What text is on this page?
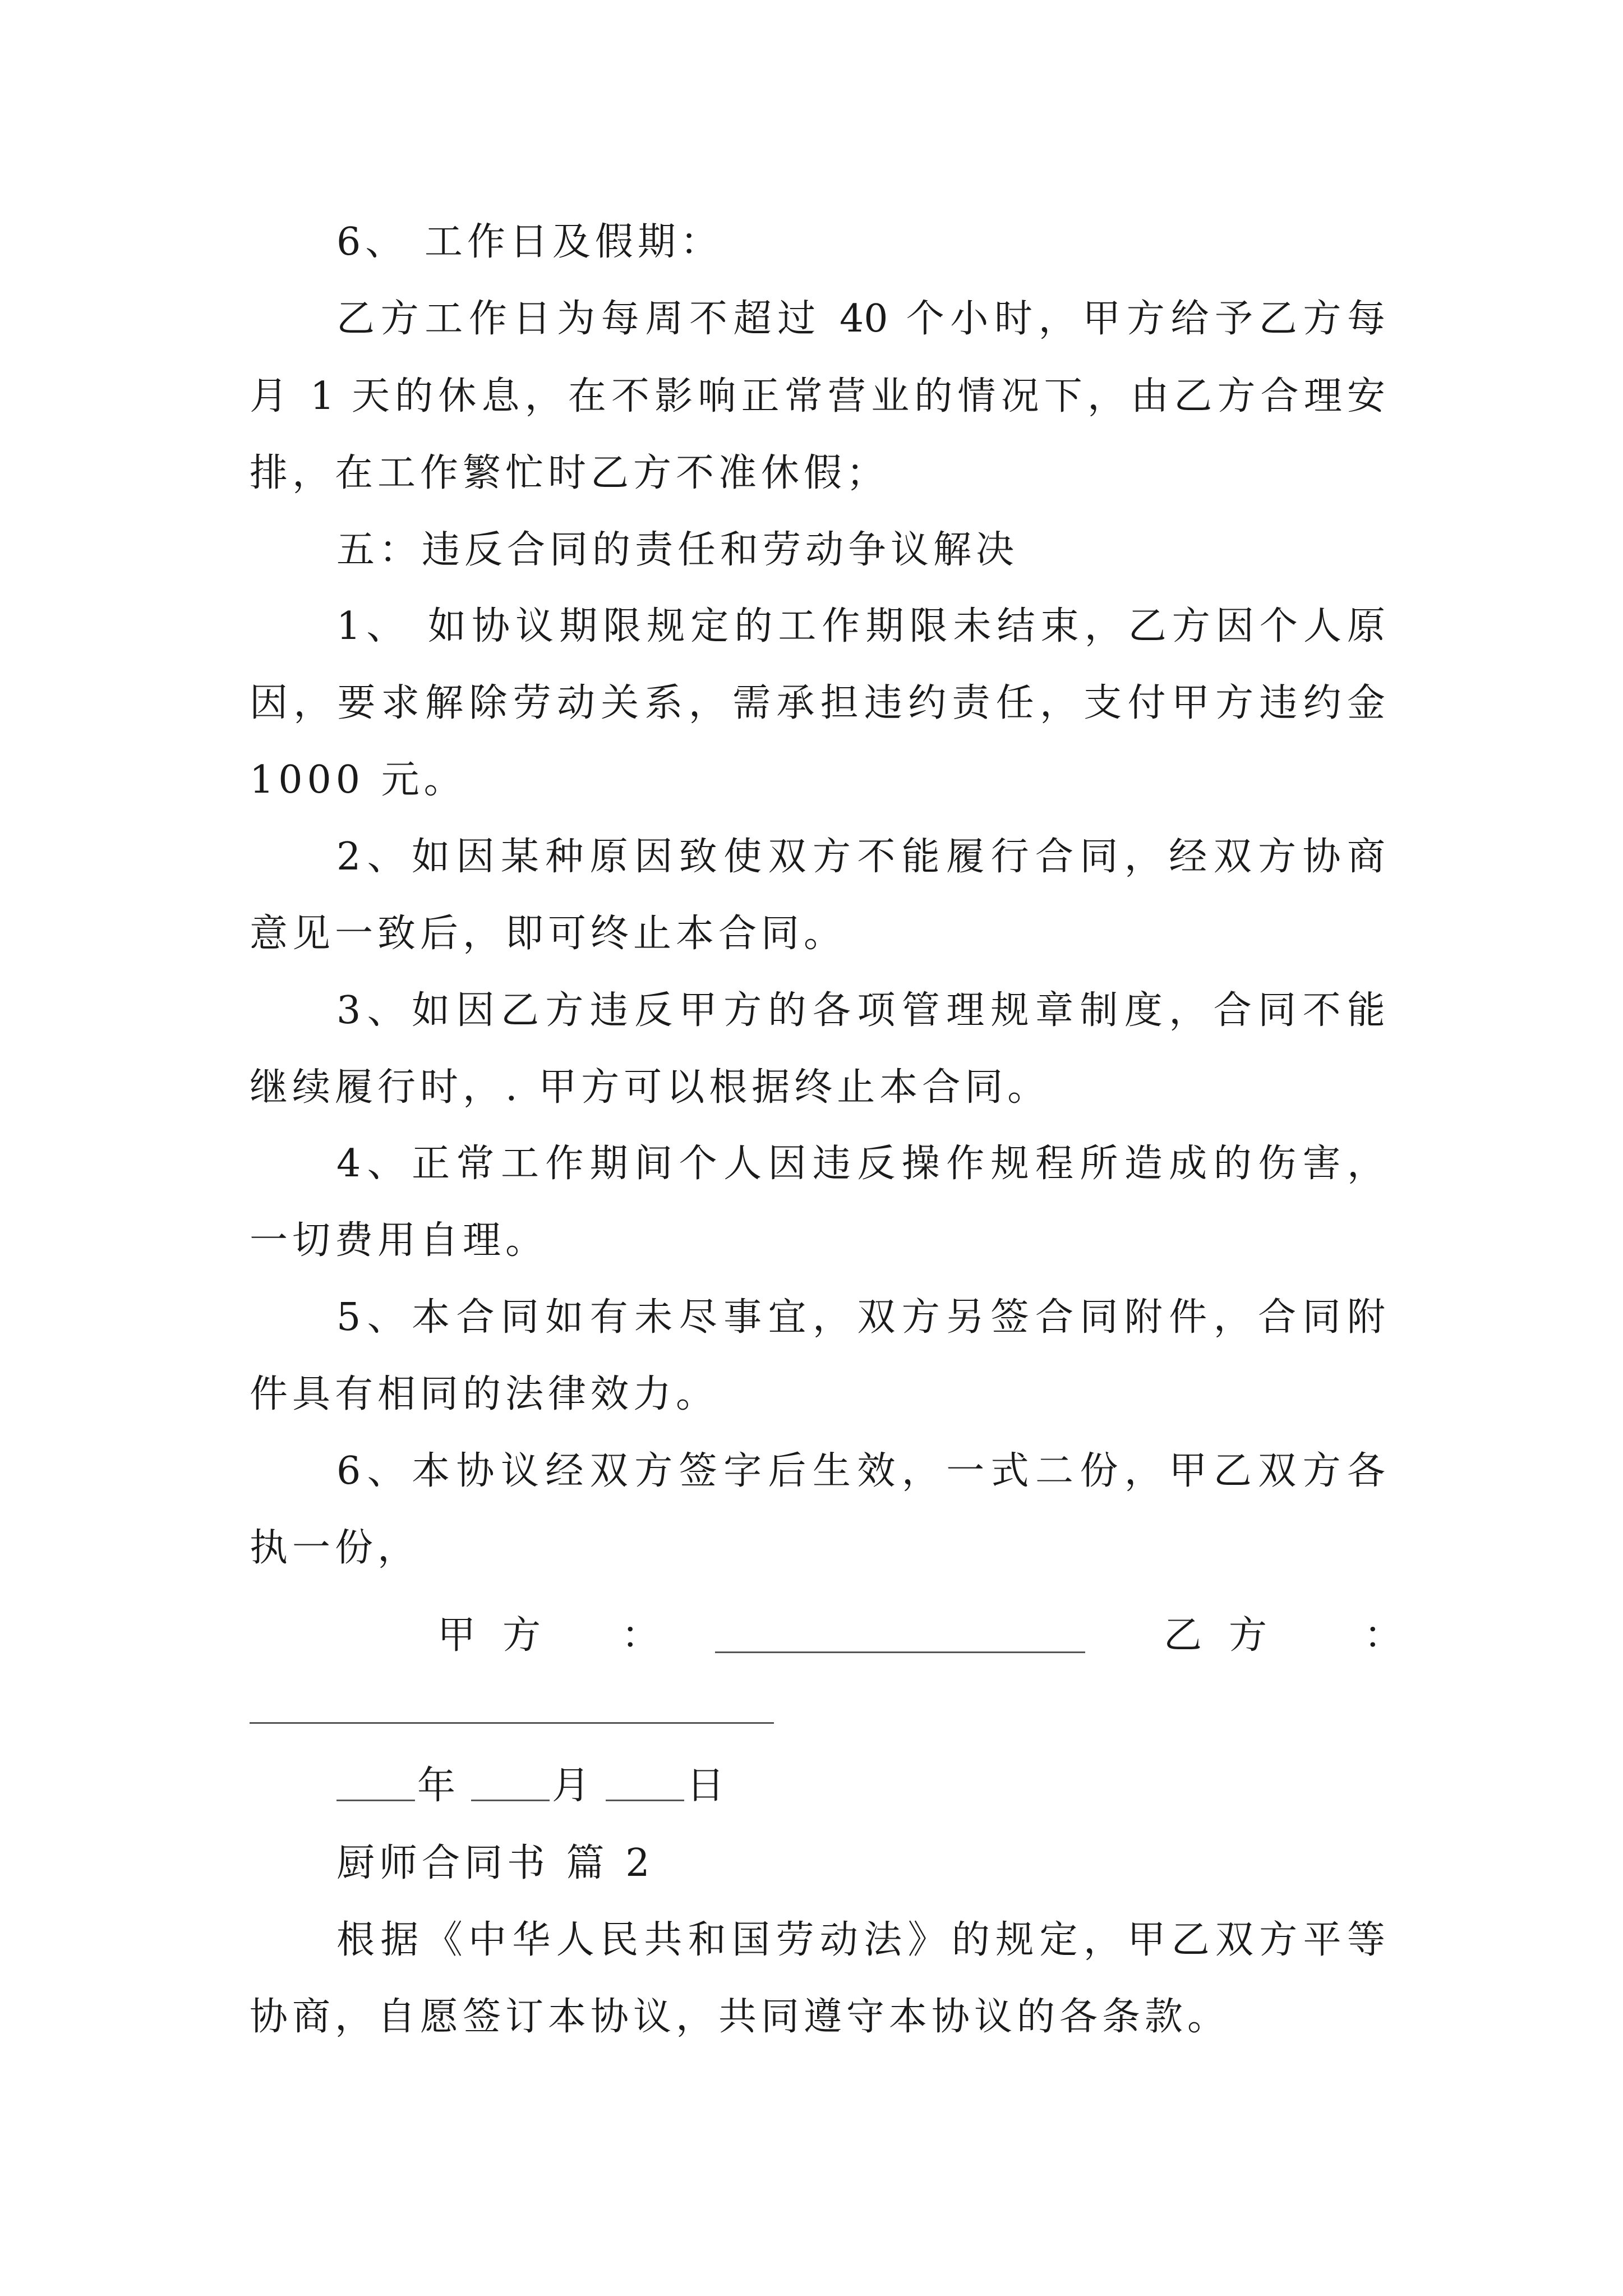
6、 工作日及假期：
乙方工作日为每周不超过 40 个小时，甲方给予乙方每
月 1 天的休息，在不影响正常营业的情况下，由乙方合理安
排，在工作繁忙时乙方不准休假；
五：违反合同的责任和劳动争议解决
1、 如协议期限规定的工作期限未结束，乙方因个人原
因，要求解除劳动关系，需承担违约责任，支付甲方违约金
1000 元。
2、如因某种原因致使双方不能履行合同，经双方协商
意见一致后，即可终止本合同。
3、如因乙方违反甲方的各项管理规章制度，合同不能
继续履行时，. 甲方可以根据终止本合同。
4、正常工作期间个人因违反操作规程所造成的伤害，
一切费用自理。
5、本合同如有未尽事宜，双方另签合同附件，合同附
件具有相同的法律效力。
6、本协议经双方签字后生效，一式二份，甲乙双方各
执一份，
甲方 ：	乙方 ：
年 月 日
厨师合同书 篇 2
根据《中华人民共和国劳动法》的规定，甲乙双方平等
协商，自愿签订本协议，共同遵守本协议的各条款。
